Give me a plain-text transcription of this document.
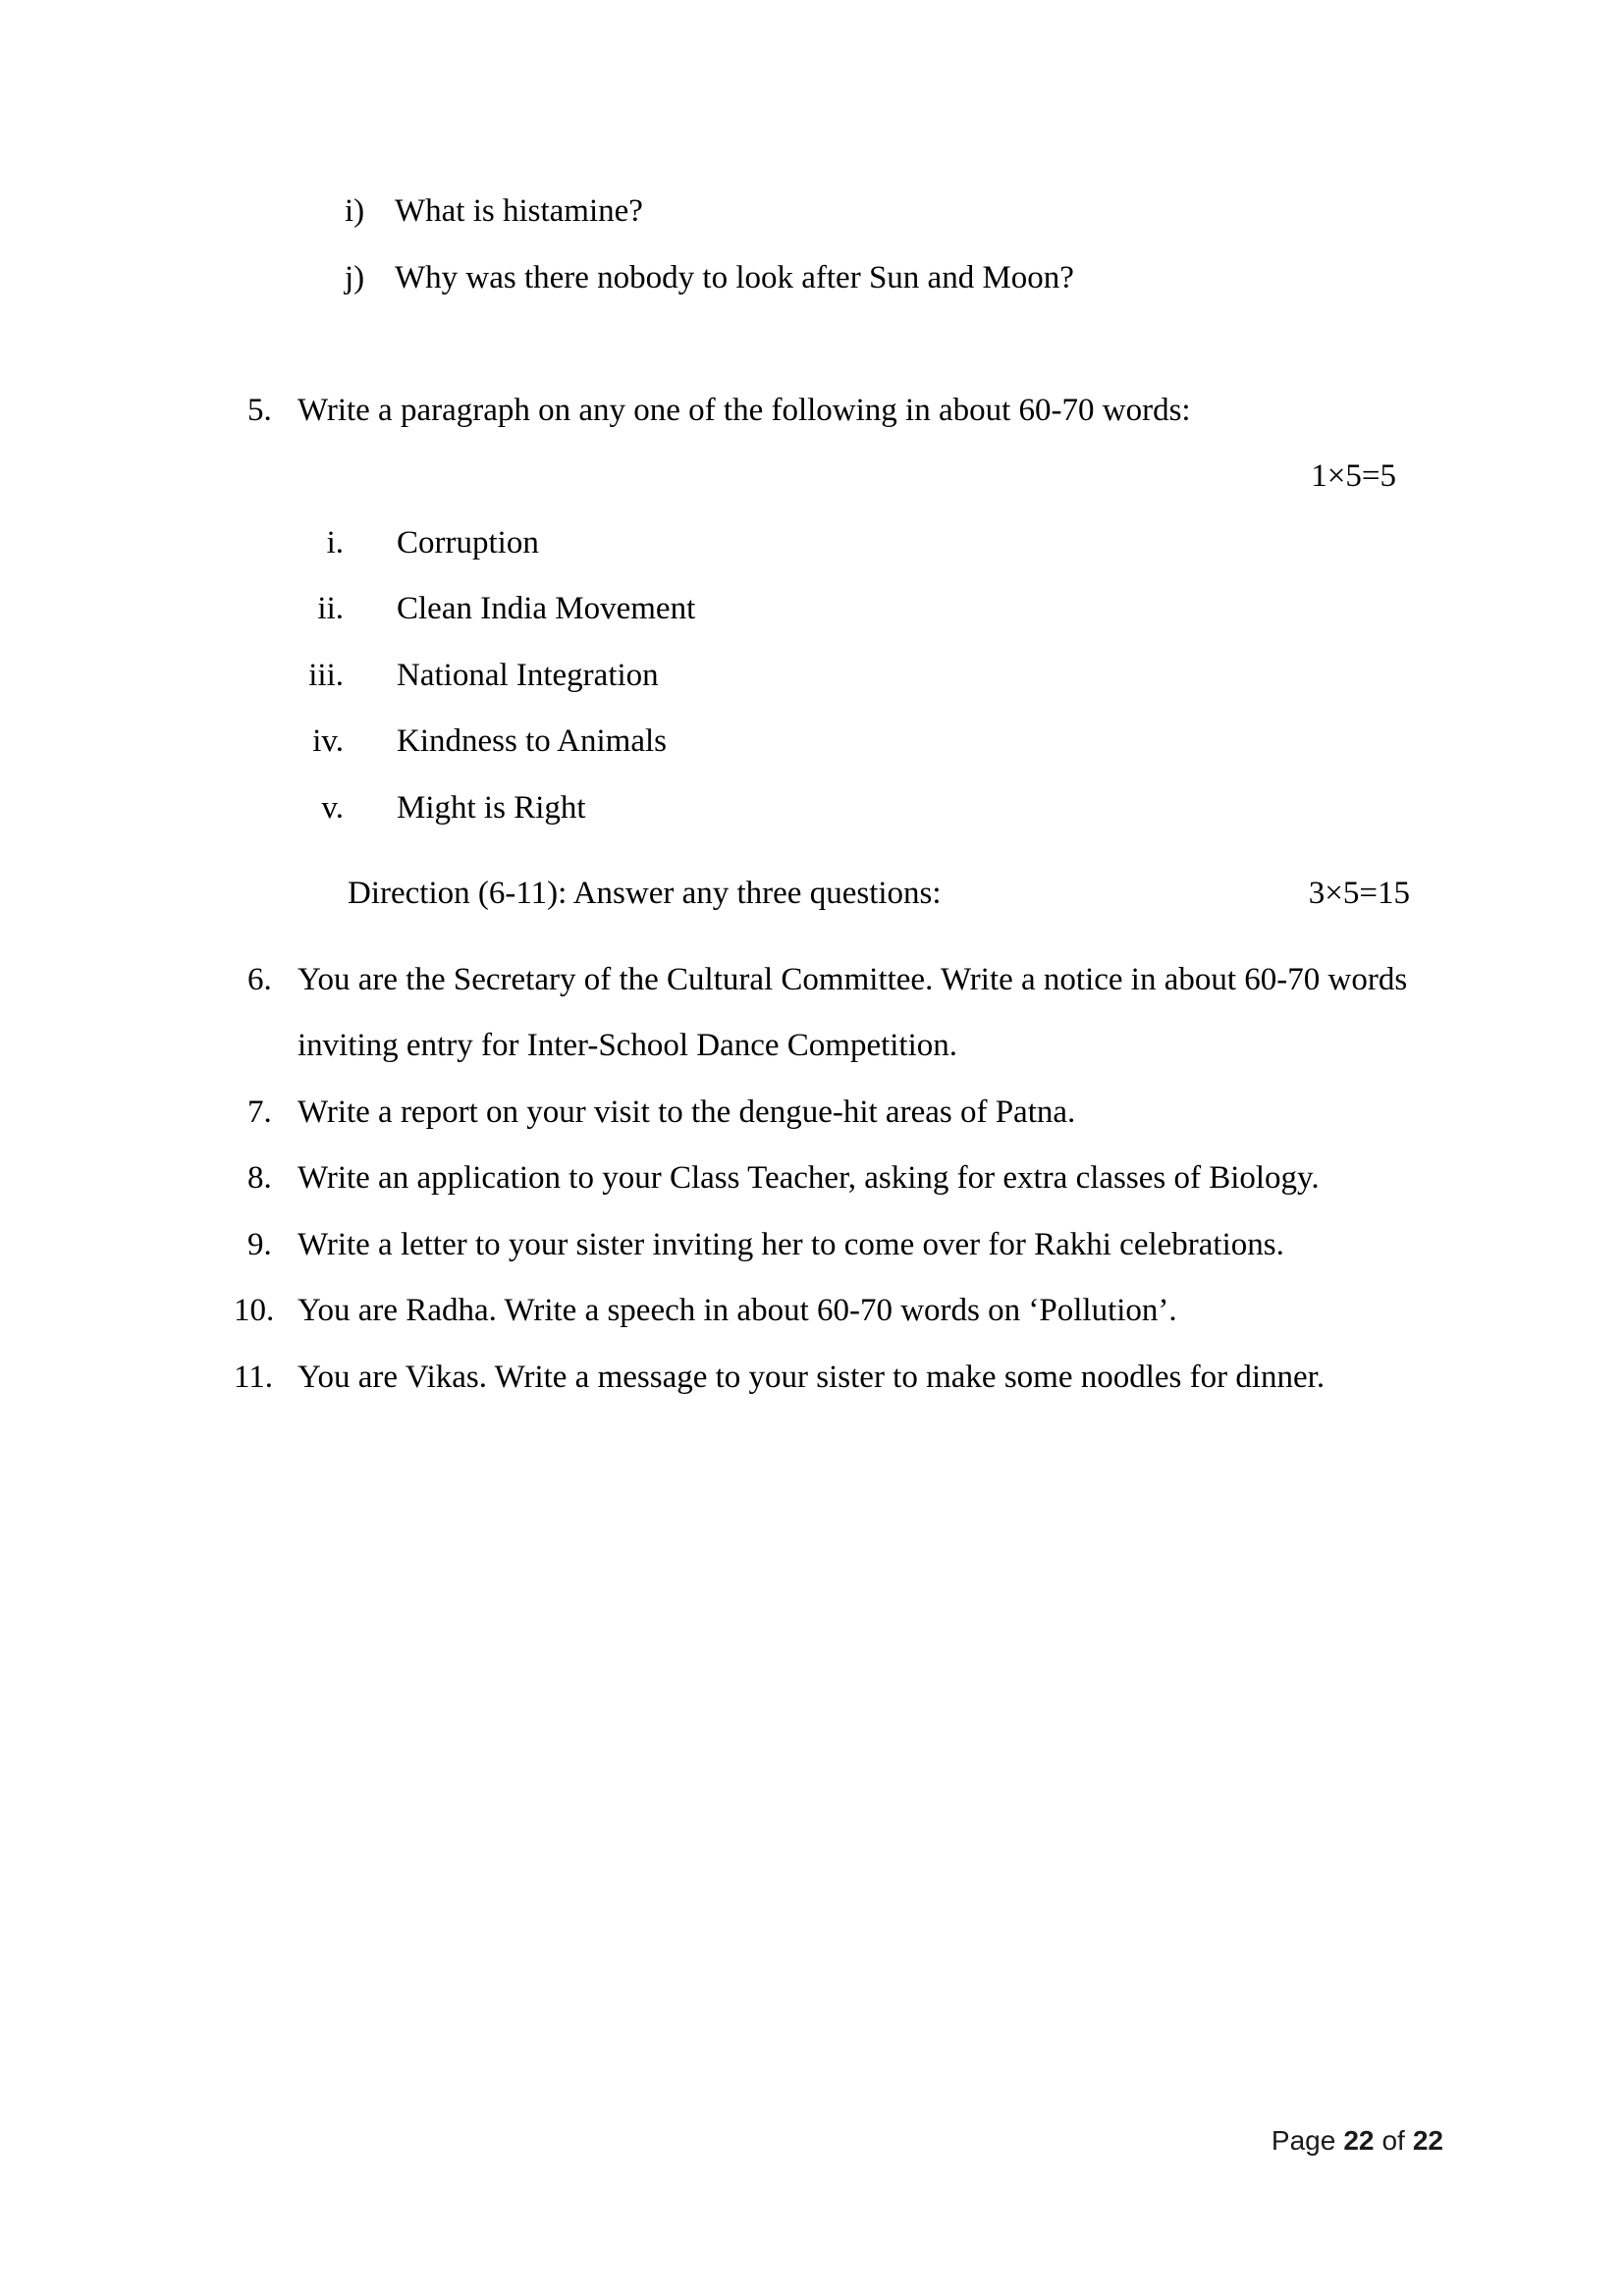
i) What is histamine?
j) Why was there nobody to look after Sun and Moon?
5. Write a paragraph on any one of the following in about 60-70 words:
1×5=5
i. Corruption
ii. Clean India Movement
iii. National Integration
iv. Kindness to Animals
v. Might is Right
Direction (6-11): Answer any three questions:	3×5=15
6. You are the Secretary of the Cultural Committee. Write a notice in about 60-70 words inviting entry for Inter-School Dance Competition.
7. Write a report on your visit to the dengue-hit areas of Patna.
8. Write an application to your Class Teacher, asking for extra classes of Biology.
9. Write a letter to your sister inviting her to come over for Rakhi celebrations.
10. You are Radha. Write a speech in about 60-70 words on ‘Pollution’.
11. You are Vikas. Write a message to your sister to make some noodles for dinner.
Page 22 of 22
